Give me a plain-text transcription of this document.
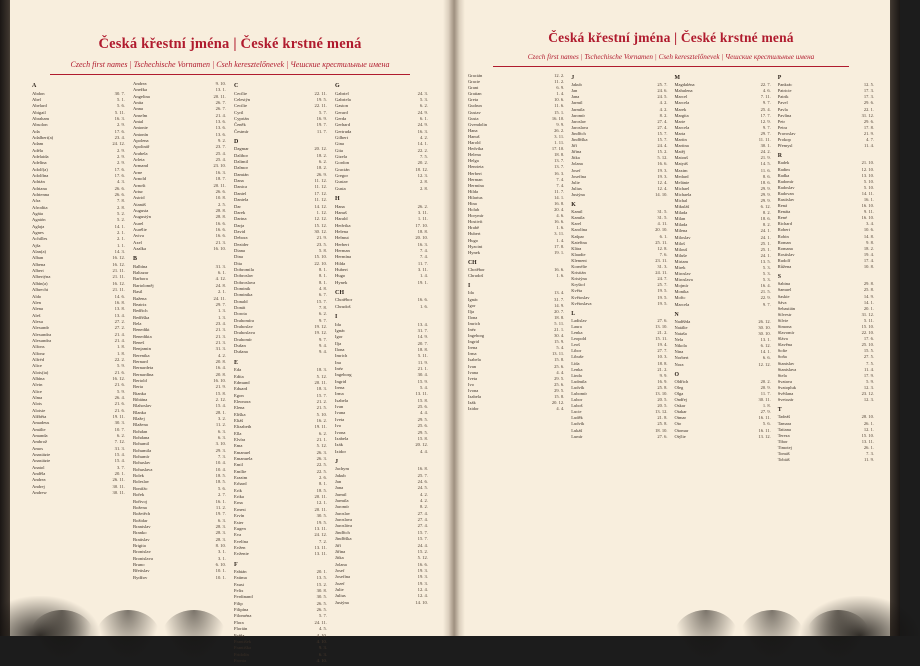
Česká křestní jména | České krstné mená
Czech first names | Tschechische Vornamen | Cseh keresztelőnevek | Чешские крестильные имена
A
Abdon	30. 7.
Abel	5. 1.
Abelard	5. 6.
Abigail	5. 11.
Abraham	16. 3.
Absolon	2. 9.
Ada	17. 6.
Adalbert(a)	23. 4.
Adam	24. 12.
Adéla	2. 9.
Adelaida	2. 9.
Adelína	2. 9.
Adolf(a)	17. 6.
Adolfína	17. 6.
Adrián	4. 3.
Adriana	26. 6.
Adrienna	26. 6.
Afra	7. 8.
Afrodita	2. 8.
Agáta	5. 2.
Agatón	5. 2.
Aglaja	14. 1.
Agnes	2. 1.
Achilles	2. 1.
Ajša	1. 1.
Alan(a)	14. 3.
Alban	16. 12.
Albena	16. 12.
Albert	21. 11.
Albertýna	21. 11.
Albín(a)	16. 12.
Albrecht	21. 11.
Aldo	14. 6.
Alen	16. 8.
Alena	13. 8.
Aleš	13. 4.
Alexa	27. 2.
Alexandr	27. 2.
Alexandra	21. 4.
Alexandra	21. 4.
Alfons	1. 8.
Alfonz	1. 8.
Alfréd	22. 2.
Alice	5. 9.
Alois(ia)	21. 6.
Albína	16. 12.
Alvin	21. 6.
Alice	5. 9.
Alma	26. 4.
Alois	21. 6.
Aloisie	21. 6.
Alžběta	19. 11.
Amadeus	30. 3.
Amálie	10. 7.
Amanda	6. 2.
Ambrož	7. 12.
Amos	31. 3.
Anastázie	15. 4.
Anastázie	15. 4.
Anatol	3. 7.
Anděla	20. 1.
Andrea	26. 11.
Andrej	30. 11.
Andrew	30. 11.
Andrea	9. 10.
Anežka	13. 1.
Angelina	20. 11.
Anita	26. 7.
Anna	26. 7.
Anselm	21. 4.
Antal	13. 6.
Antonie	13. 6.
Antonín	13. 6.
Apolena	9. 2.
Apolinář	23. 7.
Arabela	25. 4.
Arleta	25. 4.
Armand	23. 10.
Arne	16. 3.
Arnold	18. 7.
Arnošt	20. 11.
Artur	26. 6.
Astrid	10. 8.
Atanáš	2. 5.
Augusta	28. 8.
Augustýn	28. 8.
Aurel	16. 6.
Aurélie	16. 6.
Aviva	16. 6.
Axel	21. 3.
Azalka	16. 10.
B
Balbína	31. 3.
Baltazar	6. 1.
Barbora	4. 12.
Bartoloměj	24. 8.
Basil	2. 1.
Bažena	24. 11.
Beatrix	29. 7.
Bedřich	1. 3.
Bedřiška	1. 3.
Bela	23. 4.
Benedikt	21. 3.
Benedikta	21. 3.
Beneš	21. 3.
Benjamin	31. 3.
Berenika	4. 2.
Bernard	20. 8.
Bernardeta	16. 4.
Bernardína	20. 8.
Bertold	16. 10.
Berta	21. 9.
Bianka	15. 8.
Bibiána	2. 12.
Blahoslav	15. 4.
Blanka	28. 1.
Blažej	3. 2.
Blažena	11. 2.
Bohdan	6. 3.
Bohdana	6. 3.
Bohumil	3. 10.
Bohumila	29. 3.
Bohumír	7. 3.
Bohuslav	10. 4.
Bohuslava	10. 4.
Bolek	18. 5.
Boleslav	18. 5.
Bonifác	5. 6.
Bořek	2. 7.
Bořivoj	16. 1.
Božena	11. 2.
Božetěch	19. 7.
Božidar	6. 3.
Branislav	28. 3.
Branko	28. 3.
Bratislav	28. 3.
Brigita	8. 10.
Bronislav	3. 1.
Bronislava	3. 1.
Bruno	6. 10.
Břetislav	10. 1.
Bydžov	10. 1.
C
Cecílie	22. 11.
Celestýn	19. 5.
Cecilie	22. 11.
Cyril	5. 7.
Cyprián	16. 9.
Čeněk	19. 7.
Čestmír	11. 7.
D
Dagmar	20. 12.
Dalibor	18. 2.
Dalimil	6. 2.
Dalmor	18. 2.
Damián	26. 9.
Dana	11. 12.
Danica	11. 12.
Daniel	17. 12.
Daniela	11. 12.
Dar	14. 12.
Darek	1. 12.
Darina	12. 12.
Darja	15. 12.
David	30. 12.
Debora	21. 9.
Dezider	23. 5.
Diana	5. 8.
Dina	15. 10.
Dita	22. 10.
Dobromila	8. 1.
Dobroslav	8. 1.
Dobroslava	8. 1.
Dominik	4. 8.
Dominika	6. 7.
Donald	15. 7.
Donát	7. 8.
Dorota	6. 2.
Drahomíra	9. 7.
Drahoslav	19. 12.
Drahoslava	19. 12.
Drahomír	9. 7.
Dušan	9. 4.
Dušana	9. 4.
E
Eda	18. 3.
Edita	5. 12.
Edmund	20. 11.
Eduard	18. 3.
Egon	15. 7.
Eleonora	21. 2.
Elena	21. 5.
Eliška	5. 10.
Eliáš	16. 2.
Elizabeth	19. 11.
Ella	6. 2.
Elvíra	21. 1.
Ema	5. 12.
Emanuel	26. 3.
Emanuela	26. 3.
Emil	22. 5.
Emílie	22. 5.
Erazim	2. 6.
Erhard	8. 1.
Erik	18. 5.
Erika	20. 11.
Erna	12. 1.
Ernest	20. 11.
Ervín	30. 5.
Ester	19. 5.
Eugen	13. 11.
Eva	24. 12.
Evelína	7. 2.
Evžen	13. 11.
Evženie	13. 11.
F
Fabián	20. 1.
Fatima	13. 5.
Faust	15. 2.
Felix	30. 8.
Ferdinand	30. 5.
Filip	26. 5.
Filipína	26. 5.
Filoména	5. 7.
Flora	24. 11.
Florián	4. 5.
Fráňa	4. 10.
František	4. 10.
Františka	9. 3.
Fridolín	6. 3.
Fronta	4. 10.
G
Gabriel	24. 3.
Gabriela	5. 3.
Gaston	6. 2.
Gerard	24. 9.
Gerda	6. 1.
Gerhard	24. 9.
Gertruda	16. 3.
Gilbert	4. 2.
Gina	14. 1.
Gita	22. 2.
Gizela	7. 5.
Gordon	20. 2.
Gracián	18. 12.
Gregor	12. 3.
Gustav	2. 8.
Gusta	2. 8.
H
Hana	26. 2.
Hanuš	3. 11.
Harald	1. 11.
Hedvika	17. 10.
Helena	18. 8.
Helmut	20. 10.
Herbert	16. 3.
Herman	7. 4.
Hermína	7. 4.
Hilda	11. 7.
Hubert	3. 11.
Hugo	1. 4.
Hynek	19. 1.
CH
Chotěbor	16. 6.
Chrudoš	1. 6.
I
Ida	13. 4.
Ignác	31. 7.
Igor	14. 9.
Ilja	20. 7.
Ilona	18. 8.
Imrich	5. 11.
Ina	11. 9.
Inéz	21. 1.
Ingeborg	30. 4.
Ingrid	15. 9.
Irena	5. 4.
Irma	13. 11.
Isabela	15. 8.
Ivan	25. 6.
Ivana	4. 4.
Iveta	29. 5.
Ivo	25. 6.
Ivona	29. 5.
Izabela	15. 8.
Izák	20. 12.
Izidor	4. 4.
J
Jachym	16. 8.
Jakub	25. 7.
Jan	24. 6.
Jana	24. 5.
Jarmil	4. 2.
Jarmila	4. 2.
Jaromír	8. 2.
Jaroslav	27. 4.
Jaroslava	27. 4.
Jarosláva	27. 4.
Jindřich	15. 7.
Jindřiška	15. 7.
Jiří	24. 4.
Jiřina	15. 2.
Jitka	5. 12.
Jolana	16. 6.
Josef	19. 3.
Josefína	19. 3.
Jozef	19. 3.
Julie	12. 4.
Julius	12. 4.
Justýna	14. 10.
Česká křestní jména | České krstné mená
Czech first names | Tschechische Vornamen | Cseh keresztelőnevek | Чешские крестильные имена
Gracián	12. 2.
Gracie	11. 2.
Grant	6. 9.
Gratian	1. 4.
Greta	10. 6.
Gudrun	11. 6.
Gustav	15. 1.
Gusta	16. 10.
Gvendolin	9. 9.
Hana	26. 2.
Hanuš	3. 11.
Harold	1. 11.
Hedvika	17. 10.
Helena	18. 8.
Helga	13. 7.
Henrieta	13. 7.
Herbert	16. 3.
Herman	7. 4.
Hermína	7. 4.
Hilda	11. 7.
Hilarius	14. 1.
Hina	16. 8.
Holub	20. 4.
Horymír	4. 6.
Hostivít	16. 6.
Hrabě	1. 6.
Hubert	3. 11.
Hugo	1. 4.
Hyacint	17. 8.
Hynek	19. 1.
CH
Chotěbor	16. 6.
Chrudoš	1. 6.
I
Ida	13. 4.
Ignác	31. 7.
Igor	14. 9.
Ilja	20. 7.
Ilona	18. 8.
Imrich	5. 11.
Inéz	21. 1.
Ingeborg	30. 4.
Ingrid	15. 9.
Irena	5. 4.
Irma	13. 11.
Isabela	15. 8.
Ivan	25. 6.
Ivana	4. 4.
Iveta	29. 5.
Ivo	25. 6.
Ivona	29. 5.
Izabela	15. 8.
Izák	20. 12.
Izidor	4. 4.
J
Jakub	25. 7.
Jan	24. 6.
Jana	24. 5.
Jarmil	4. 2.
Jarmila	4. 2.
Jaromír	8. 2.
Jaroslav	27. 4.
Jaroslava	27. 4.
Jindřich	15. 7.
Jindřiška	15. 7.
Jiří	24. 4.
Jiřina	15. 2.
Jitka	5. 12.
Jolana	16. 6.
Josef	19. 3.
Josefína	19. 3.
Julie	12. 4.
Julius	12. 4.
Justýna	14. 10.
K
Kamil	31. 5.
Kamila	31. 5.
Karel	4. 11.
Karolína	20. 10.
Kašpar	6. 1.
Kateřina	25. 11.
Klára	12. 8.
Klaudie	7. 6.
Klement	23. 11.
Kornélie	31. 3.
Kristián	24. 11.
Kristýna	24. 7.
Kryštof	25. 7.
Květa	19. 5.
Květoslav	19. 5.
Květoslava	19. 5.
L
Ladislav	27. 6.
Laura	13. 10.
Lenka	21. 2.
Leopold	15. 11.
Leoš	19. 4.
Libor	27. 7.
Libuše	10. 3.
Lída	18. 8.
Lenka	21. 2.
Linda	9. 9.
Ludmila	16. 9.
Ludvík	25. 8.
Lubomír	13. 10.
Lubor	20. 5.
Luboš	20. 5.
Lucie	13. 12.
Luděk	21. 8.
Ludvík	25. 8.
Lukáš	18. 10.
Lumír	27. 6.
M
Magdaléna	22. 7.
Mahulena	4. 6.
Marcel	7. 11.
Marcela	9. 7.
Marek	25. 4.
Margita	17. 7.
Marie	12. 9.
Marcela	9. 7.
Marta	29. 7.
Martin	11. 11.
Martina	30. 1.
Matěj	24. 2.
Matouš	21. 9.
Matyáš	14. 5.
Maxim	11. 6.
Medard	8. 6.
Melánie	18. 6.
Michael	29. 9.
Michaela	29. 9.
Michal	29. 9.
Mikuláš	6. 12.
Milada	8. 2.
Milan	18. 6.
Milada	8. 2.
Milena	24. 1.
Miloslav	24. 1.
Miloš	25. 1.
Milouš	25. 1.
Miluše	24. 1.
Miriam	13. 5.
Mirek	5. 3.
Miroslav	5. 3.
Miroslava	5. 3.
Mojmír	16. 4.
Monika	21. 5.
Mořic	22. 9.
Marcela	9. 7.
N
Naděžda	26. 12.
Natálie	30. 10.
Nataša	30. 10.
Nela	13. 1.
Nikola	6. 12.
Nina	14. 1.
Norbert	6. 6.
Nora	12. 12.
O
Oldřich	20. 2.
Oleg	20. 9.
Olga	11. 7.
Ondřej	30. 11.
Oskar	1. 8.
Otakar	27. 9.
Otmar	16. 11.
Oto	5. 6.
Otomar	16. 11.
Otýlie	13. 12.
P
Pankrác	12. 5.
Patricie	17. 3.
Patrik	17. 3.
Pavel	29. 6.
Pavla	22. 1.
Pavlína	31. 12.
Petr	29. 6.
Petra	17. 8.
Pravoslav	21. 9.
Prokop	4. 7.
Přemysl	11. 4.
R
Radek	21. 10.
Radim	12. 10.
Radka	13. 10.
Radomír	5. 10.
Radoslav	5. 10.
Radovan	14. 11.
Rastislav	16. 1.
Rená	16. 10.
Renáta	9. 11.
René	16. 10.
Richard	3. 4.
Robert	10. 6.
Robin	14. 8.
Roman	9. 8.
Romana	18. 2.
Rostislav	19. 4.
Rudolf	17. 4.
Růžena	10. 8.
S
Sabina	29. 8.
Samuel	25. 8.
Saskie	14. 9.
Sáva	14. 1.
Sebastián	20. 1.
Silvestr	31. 12.
Silvie	5. 11.
Simona	15. 10.
Slavomír	22. 10.
Sláva	17. 6.
Slavěna	25. 10.
Sofie	15. 5.
Soňa	27. 5.
Stanislav	7. 5.
Stanislava	11. 4.
Stela	17. 9.
Svatava	5. 9.
Svatopluk	12. 3.
Světlana	23. 12.
Svetozár	12. 3.
T
Tadeáš	28. 10.
Tamara	26. 1.
Tatiana	12. 1.
Tereza	15. 10.
Tibor	13. 11.
Timotej	26. 1.
Tomáš	7. 3.
Tobiáš	11. 9.
